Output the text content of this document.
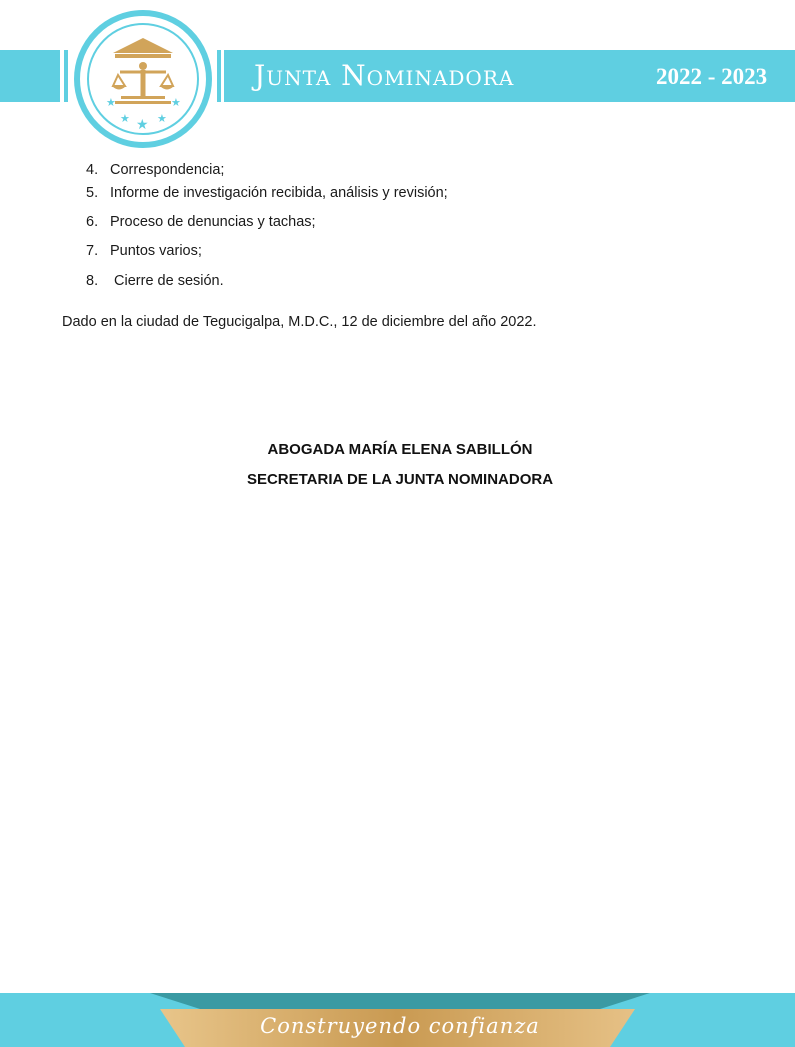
★	★
★ ★
★
Junta Nominadora	2022 - 2023
4. Correspondencia;
5. Informe de investigación recibida, análisis y revisión;
6. Proceso de denuncias y tachas;
7. Puntos varios;
8. Cierre de sesión.
Dado en la ciudad de Tegucigalpa, M.D.C., 12 de diciembre del año 2022.
ABOGADA MARÍA ELENA SABILLÓN
SECRETARIA DE LA JUNTA NOMINADORA
Construyendo confianza
